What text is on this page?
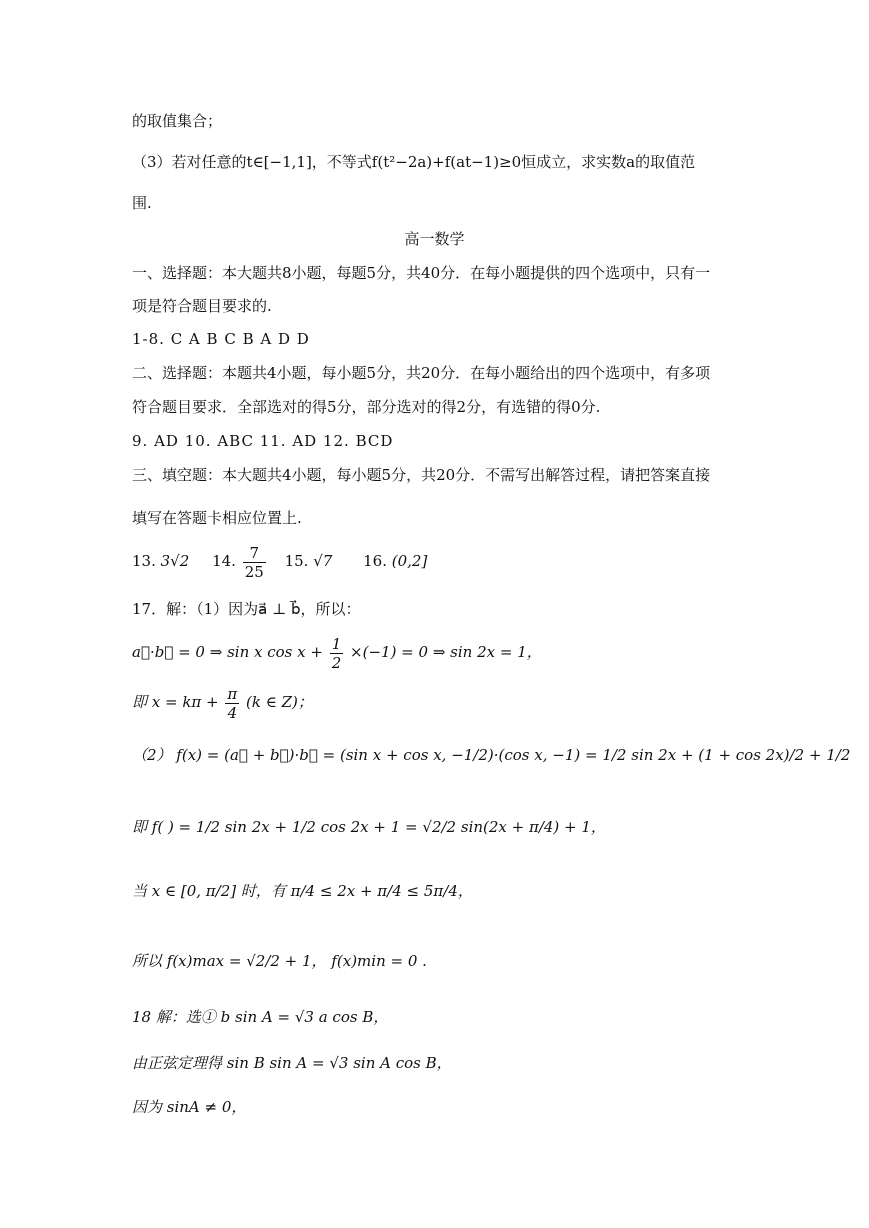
的取值集合；
（3）若对任意的t∈[−1,1]，不等式f(t²−2a)+f(at−1)≥0恒成立，求实数a的取值范
围.
高一数学
一、选择题：本大题共8小题，每题5分，共40分．在每小题提供的四个选项中，只有一
项是符合题目要求的.
1-8. C A B C B A D D
二、选择题：本题共4小题，每小题5分，共20分．在每小题给出的四个选项中，有多项
符合题目要求．全部选对的得5分，部分选对的得2分，有选错的得0分.
9. AD 10. ABC 11. AD 12. BCD
三、填空题：本大题共4小题，每小题5分，共20分．不需写出解答过程，请把答案直接
填写在答题卡相应位置上.
13. 3√2 14. $\frac{7}{25} 15$. √7 16. (0,2]
17．解：（1）因为a⃗ ⊥ b⃗，所以：
a⃗·b⃗ = 0 ⇒ sin x $\cos x + \frac{1}{2} \times(-1) = 0$ ⇒ sin 2x = 1，
即 $x = k\pi + \frac{\pi}{4} (k$ ∈ Z)；
（2） f(x) = (a⃗ + b⃗)·b⃗ = (sin x + cos x, −1/2)·(cos x, −1) = 1/2 sin 2x + (1 + cos 2x)/2 + 1/2
即 f( ) = 1/2 sin 2x + 1/2 cos 2x + 1 = √2/2 sin(2x + π/4) + 1，
当 x ∈ [0, π/2] 时，有 π/4 ≤ 2x + π/4 ≤ 5π/4，
所以 f(x)max = √2/2 + 1， f(x)min = 0 .
18 解：选① b sin A = √3 a cos B，
由正弦定理得 sin B sin A = √3 sin A cos B，
因为 sinA ≠ 0，
